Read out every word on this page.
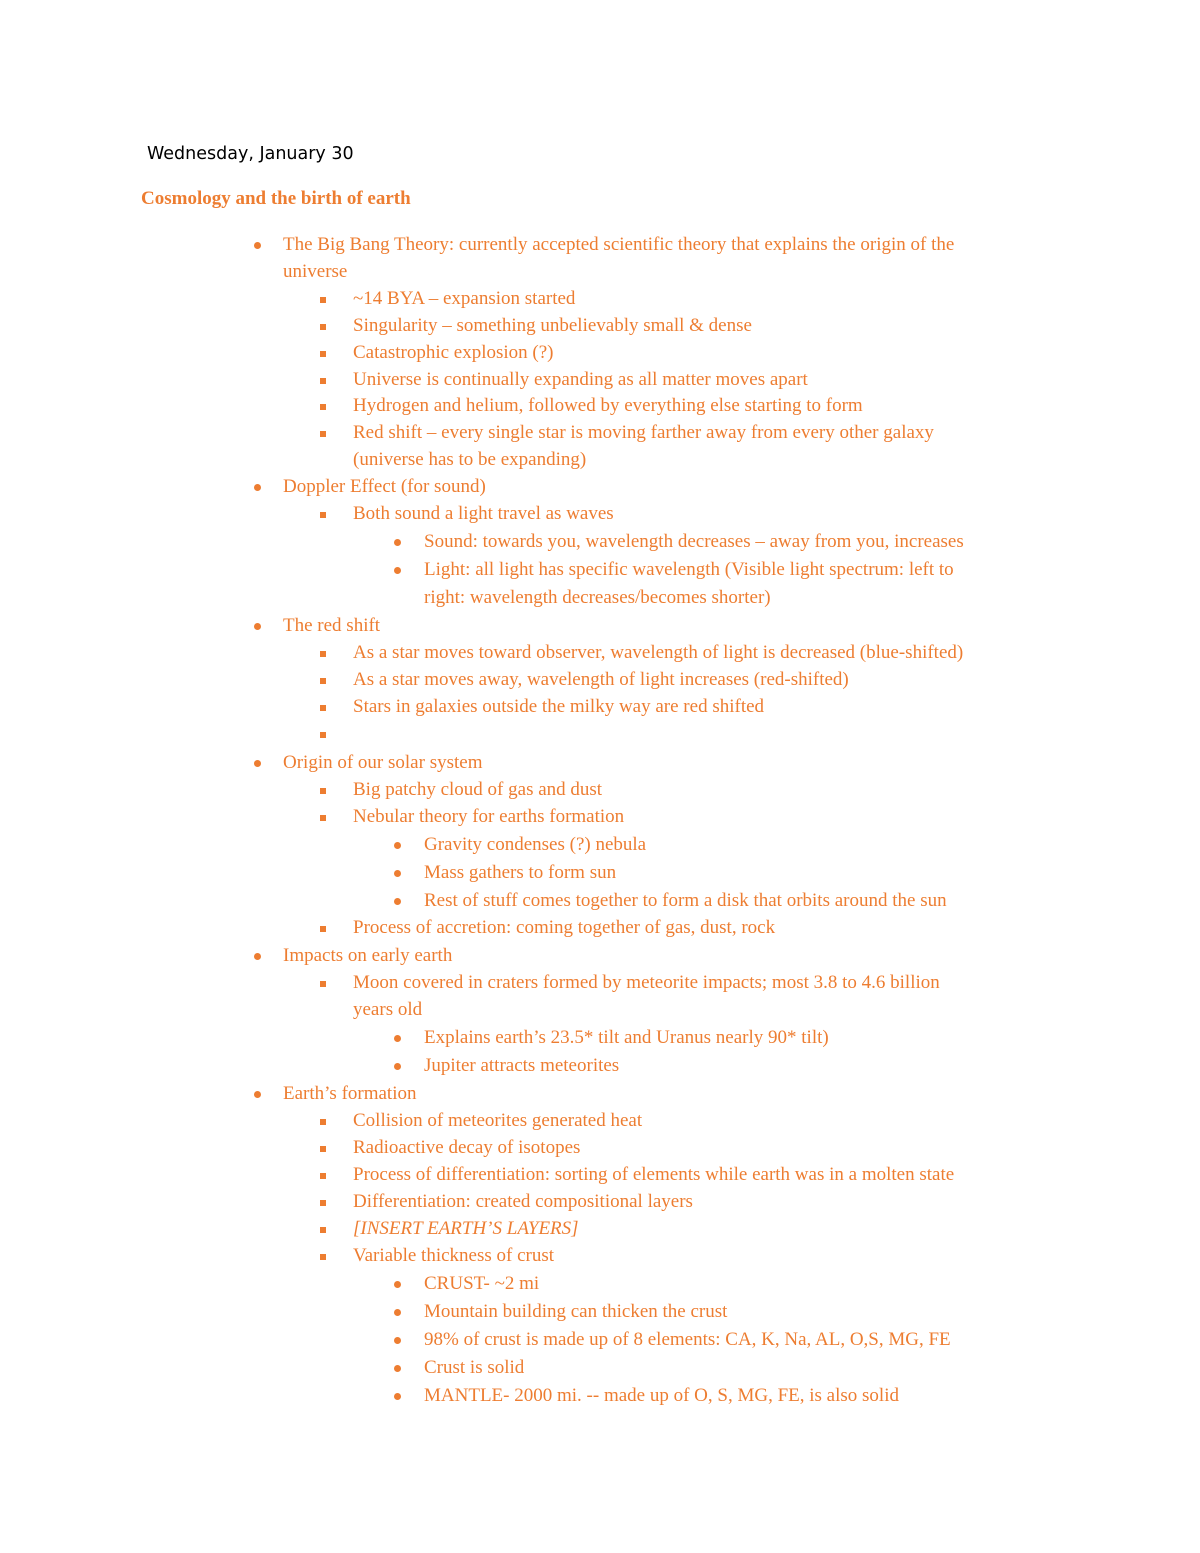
Wednesday, January 30
Cosmology and the birth of earth
The Big Bang Theory: currently accepted scientific theory that explains the origin of the
universe
~14 BYA – expansion started
Singularity – something unbelievably small & dense
Catastrophic explosion (?)
Universe is continually expanding as all matter moves apart
Hydrogen and helium, followed by everything else starting to form
Red shift – every single star is moving farther away from every other galaxy
(universe has to be expanding)
Doppler Effect (for sound)
Both sound a light travel as waves
Sound: towards you, wavelength decreases – away from you, increases
Light: all light has specific wavelength (Visible light spectrum: left to
right: wavelength decreases/becomes shorter)
The red shift
As a star moves toward observer, wavelength of light is decreased (blue-shifted)
As a star moves away, wavelength of light increases (red-shifted)
Stars in galaxies outside the milky way are red shifted
Origin of our solar system
Big patchy cloud of gas and dust
Nebular theory for earths formation
Gravity condenses (?) nebula
Mass gathers to form sun
Rest of stuff comes together to form a disk that orbits around the sun
Process of accretion: coming together of gas, dust, rock
Impacts on early earth
Moon covered in craters formed by meteorite impacts; most 3.8 to 4.6 billion
years old
Explains earth’s 23.5* tilt and Uranus nearly 90* tilt)
Jupiter attracts meteorites
Earth’s formation
Collision of meteorites generated heat
Radioactive decay of isotopes
Process of differentiation: sorting of elements while earth was in a molten state
Differentiation: created compositional layers
[INSERT EARTH’S LAYERS]
Variable thickness of crust
CRUST- ~2 mi
Mountain building can thicken the crust
98% of crust is made up of 8 elements: CA, K, Na, AL, O,S, MG, FE
Crust is solid
MANTLE- 2000 mi. -- made up of O, S, MG, FE, is also solid
